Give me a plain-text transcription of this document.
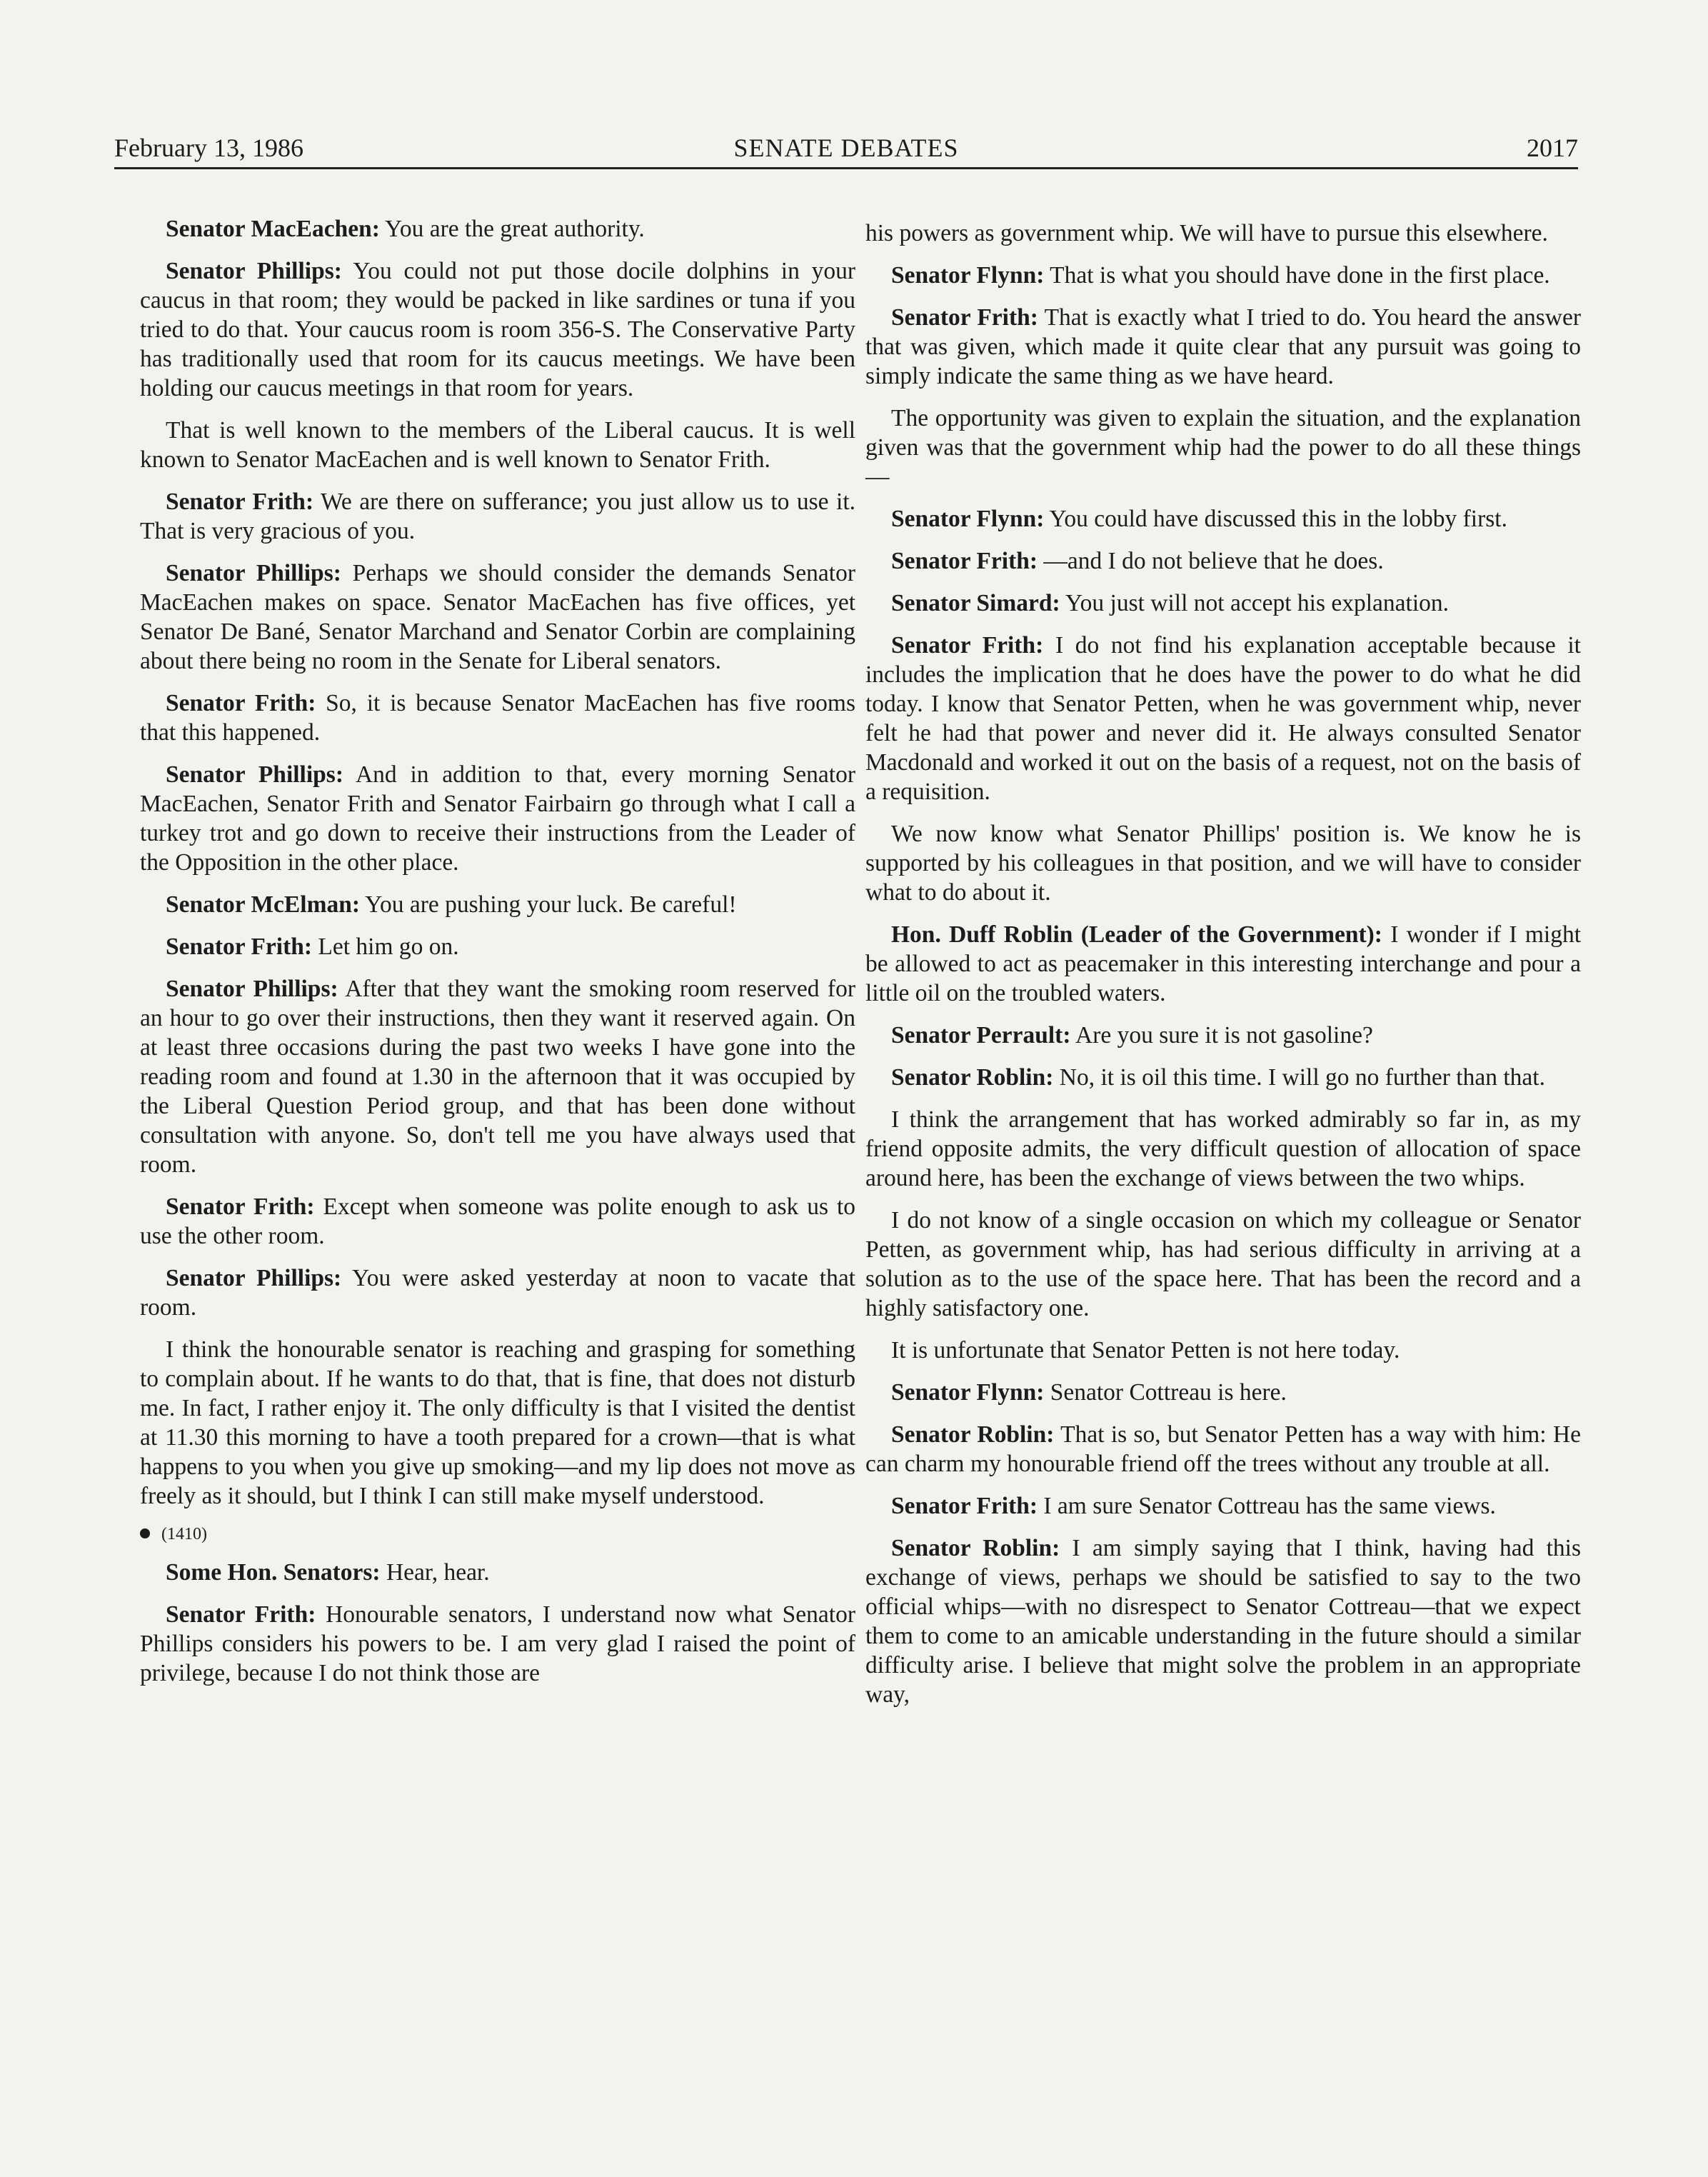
February 13, 1986	SENATE DEBATES	2017

Senator MacEachen: You are the great authority.

Senator Phillips: You could not put those docile dolphins in your caucus in that room; they would be packed in like sardines or tuna if you tried to do that. Your caucus room is room 356-S. The Conservative Party has traditionally used that room for its caucus meetings. We have been holding our caucus meetings in that room for years.

That is well known to the members of the Liberal caucus. It is well known to Senator MacEachen and is well known to Senator Frith.

Senator Frith: We are there on sufferance; you just allow us to use it. That is very gracious of you.

Senator Phillips: Perhaps we should consider the demands Senator MacEachen makes on space. Senator MacEachen has five offices, yet Senator De Bané, Senator Marchand and Senator Corbin are complaining about there being no room in the Senate for Liberal senators.

Senator Frith: So, it is because Senator MacEachen has five rooms that this happened.

Senator Phillips: And in addition to that, every morning Senator MacEachen, Senator Frith and Senator Fairbairn go through what I call a turkey trot and go down to receive their instructions from the Leader of the Opposition in the other place.

Senator McElman: You are pushing your luck. Be careful!

Senator Frith: Let him go on.

Senator Phillips: After that they want the smoking room reserved for an hour to go over their instructions, then they want it reserved again. On at least three occasions during the past two weeks I have gone into the reading room and found at 1.30 in the afternoon that it was occupied by the Liberal Question Period group, and that has been done without consultation with anyone. So, don't tell me you have always used that room.

Senator Frith: Except when someone was polite enough to ask us to use the other room.

Senator Phillips: You were asked yesterday at noon to vacate that room.

I think the honourable senator is reaching and grasping for something to complain about. If he wants to do that, that is fine, that does not disturb me. In fact, I rather enjoy it. The only difficulty is that I visited the dentist at 11.30 this morning to have a tooth prepared for a crown—that is what happens to you when you give up smoking—and my lip does not move as freely as it should, but I think I can still make myself understood.

(1410)

Some Hon. Senators: Hear, hear.

Senator Frith: Honourable senators, I understand now what Senator Phillips considers his powers to be. I am very glad I raised the point of privilege, because I do not think those are

his powers as government whip. We will have to pursue this elsewhere.

Senator Flynn: That is what you should have done in the first place.

Senator Frith: That is exactly what I tried to do. You heard the answer that was given, which made it quite clear that any pursuit was going to simply indicate the same thing as we have heard.

The opportunity was given to explain the situation, and the explanation given was that the government whip had the power to do all these things—

Senator Flynn: You could have discussed this in the lobby first.

Senator Frith: —and I do not believe that he does.

Senator Simard: You just will not accept his explanation.

Senator Frith: I do not find his explanation acceptable because it includes the implication that he does have the power to do what he did today. I know that Senator Petten, when he was government whip, never felt he had that power and never did it. He always consulted Senator Macdonald and worked it out on the basis of a request, not on the basis of a requisition.

We now know what Senator Phillips' position is. We know he is supported by his colleagues in that position, and we will have to consider what to do about it.

Hon. Duff Roblin (Leader of the Government): I wonder if I might be allowed to act as peacemaker in this interesting interchange and pour a little oil on the troubled waters.

Senator Perrault: Are you sure it is not gasoline?

Senator Roblin: No, it is oil this time. I will go no further than that.

I think the arrangement that has worked admirably so far in, as my friend opposite admits, the very difficult question of allocation of space around here, has been the exchange of views between the two whips.

I do not know of a single occasion on which my colleague or Senator Petten, as government whip, has had serious difficulty in arriving at a solution as to the use of the space here. That has been the record and a highly satisfactory one.

It is unfortunate that Senator Petten is not here today.

Senator Flynn: Senator Cottreau is here.

Senator Roblin: That is so, but Senator Petten has a way with him: He can charm my honourable friend off the trees without any trouble at all.

Senator Frith: I am sure Senator Cottreau has the same views.

Senator Roblin: I am simply saying that I think, having had this exchange of views, perhaps we should be satisfied to say to the two official whips—with no disrespect to Senator Cottreau—that we expect them to come to an amicable understanding in the future should a similar difficulty arise. I believe that might solve the problem in an appropriate way,
